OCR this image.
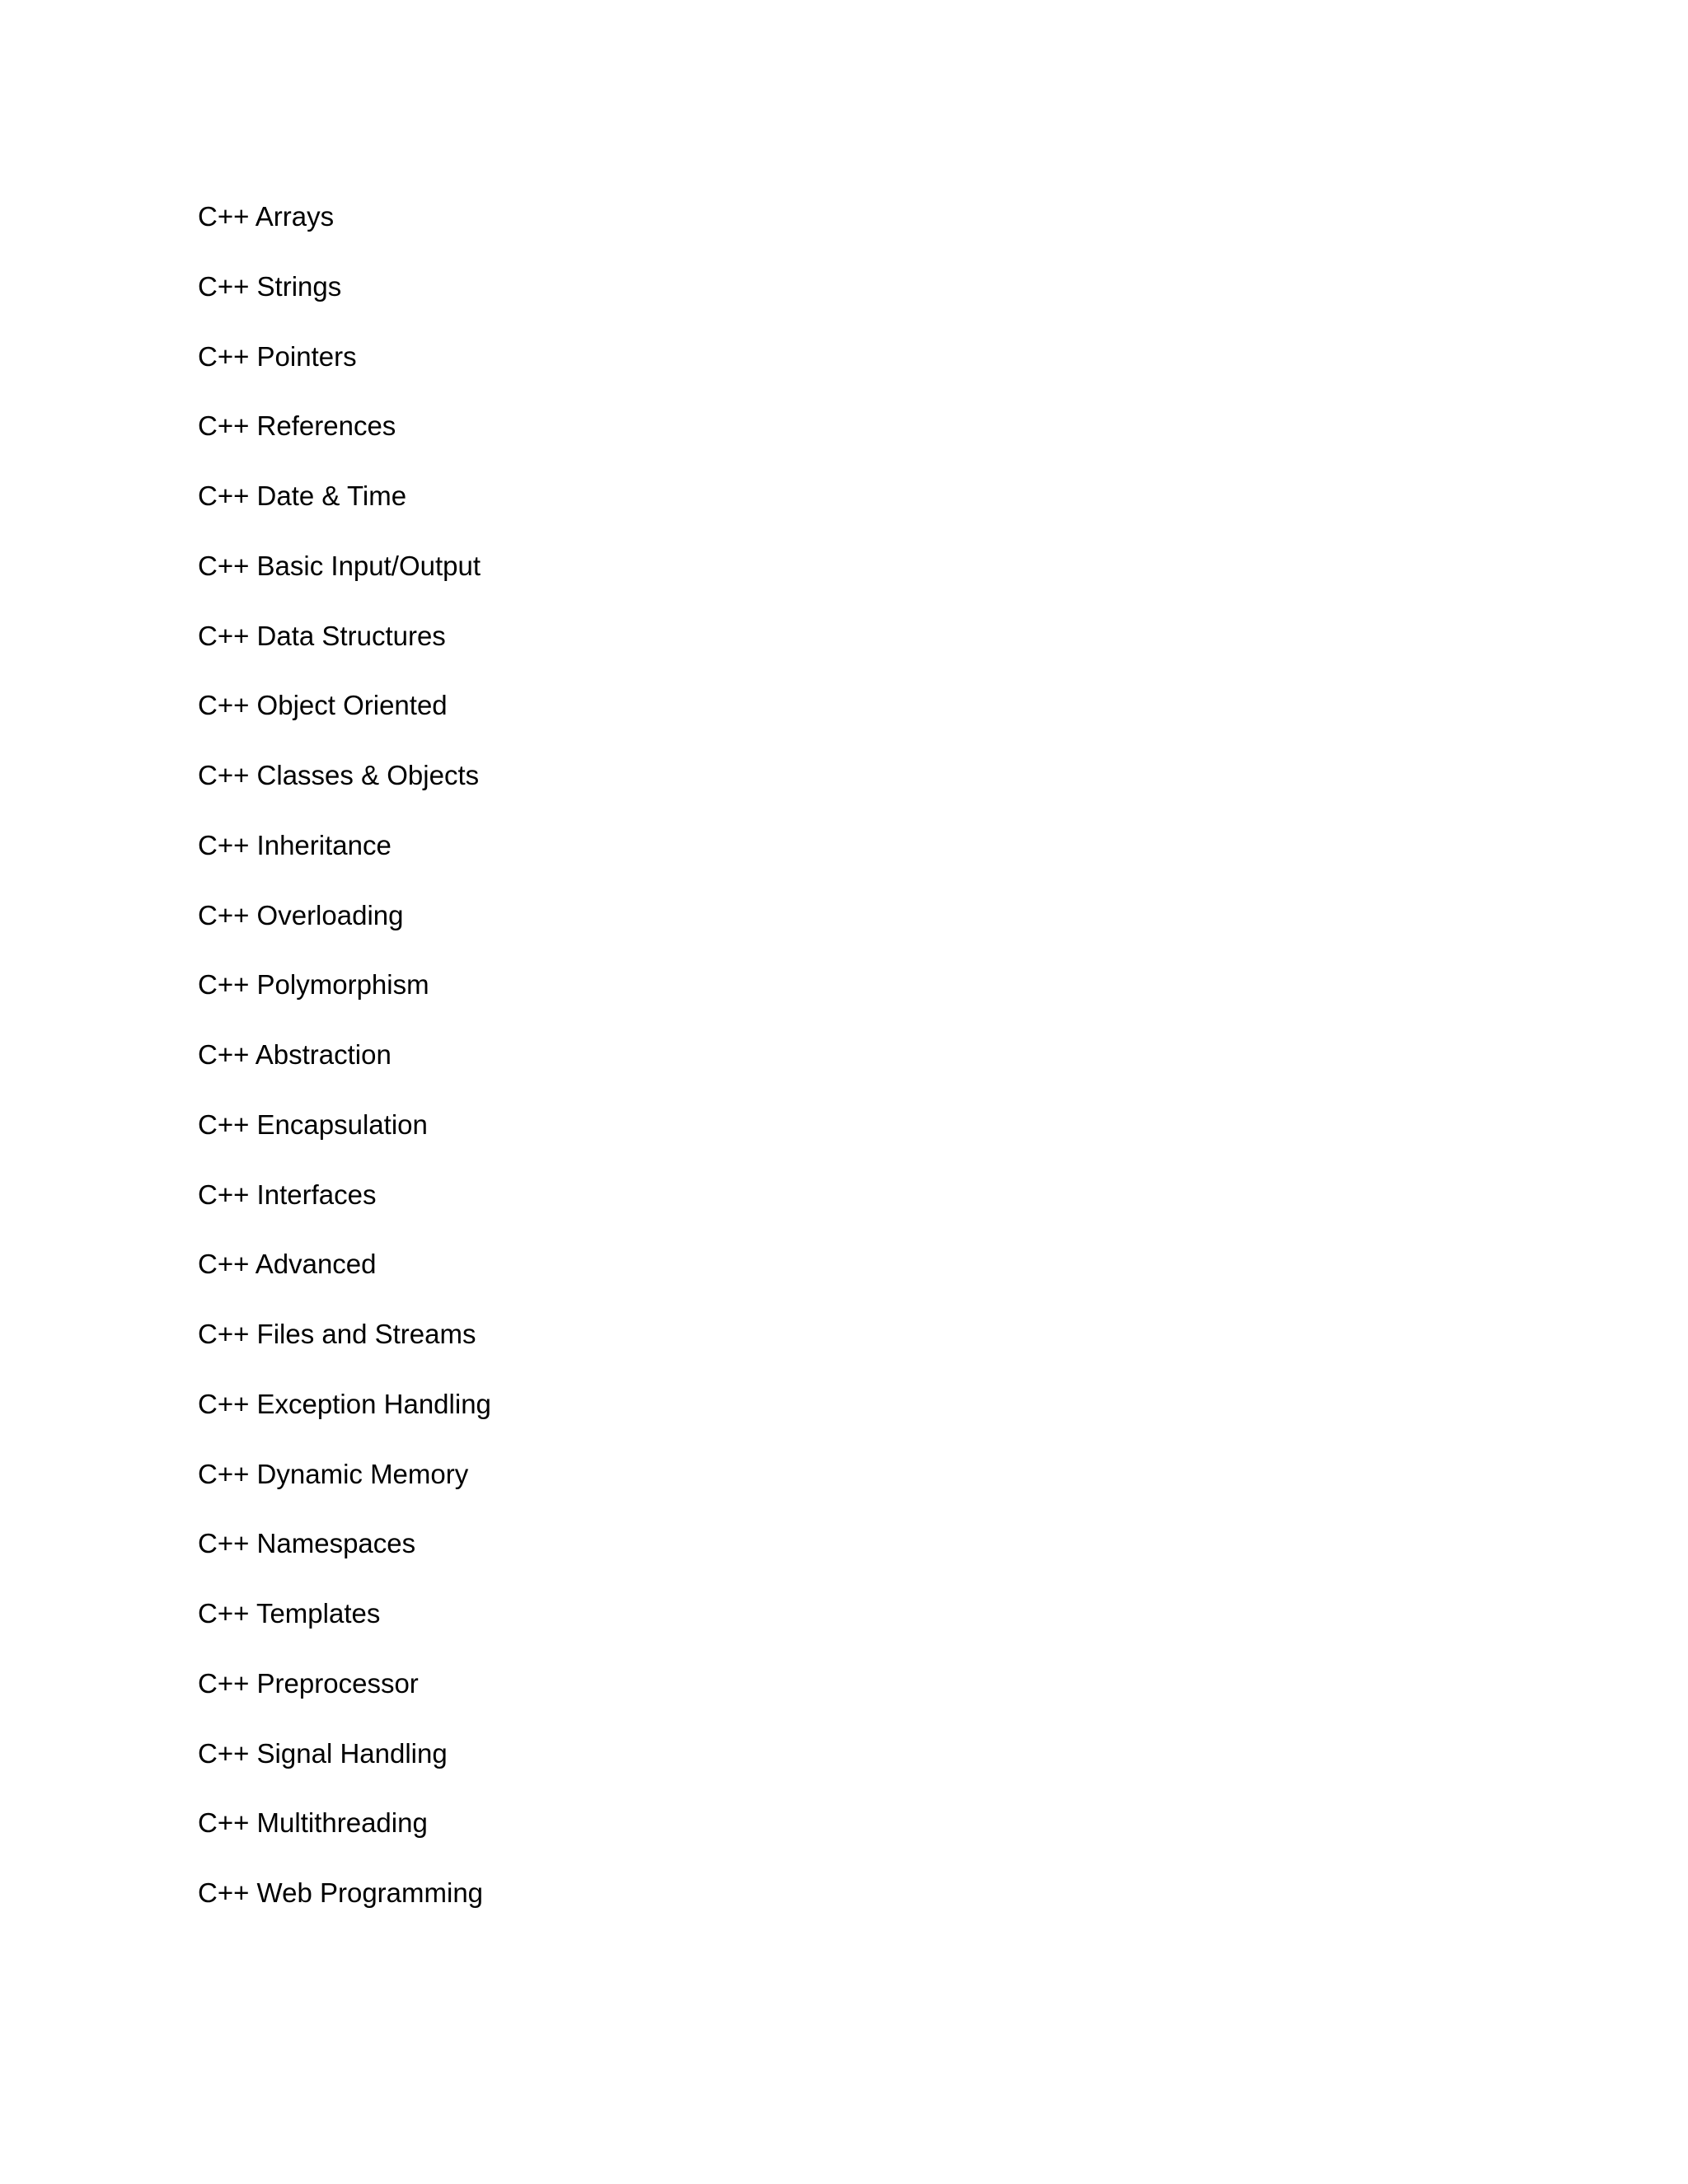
C++ Arrays
C++ Strings
C++ Pointers
C++ References
C++ Date & Time
C++ Basic Input/Output
C++ Data Structures
C++ Object Oriented
C++ Classes & Objects
C++ Inheritance
C++ Overloading
C++ Polymorphism
C++ Abstraction
C++ Encapsulation
C++ Interfaces
C++ Advanced
C++ Files and Streams
C++ Exception Handling
C++ Dynamic Memory
C++ Namespaces
C++ Templates
C++ Preprocessor
C++ Signal Handling
C++ Multithreading
C++ Web Programming
